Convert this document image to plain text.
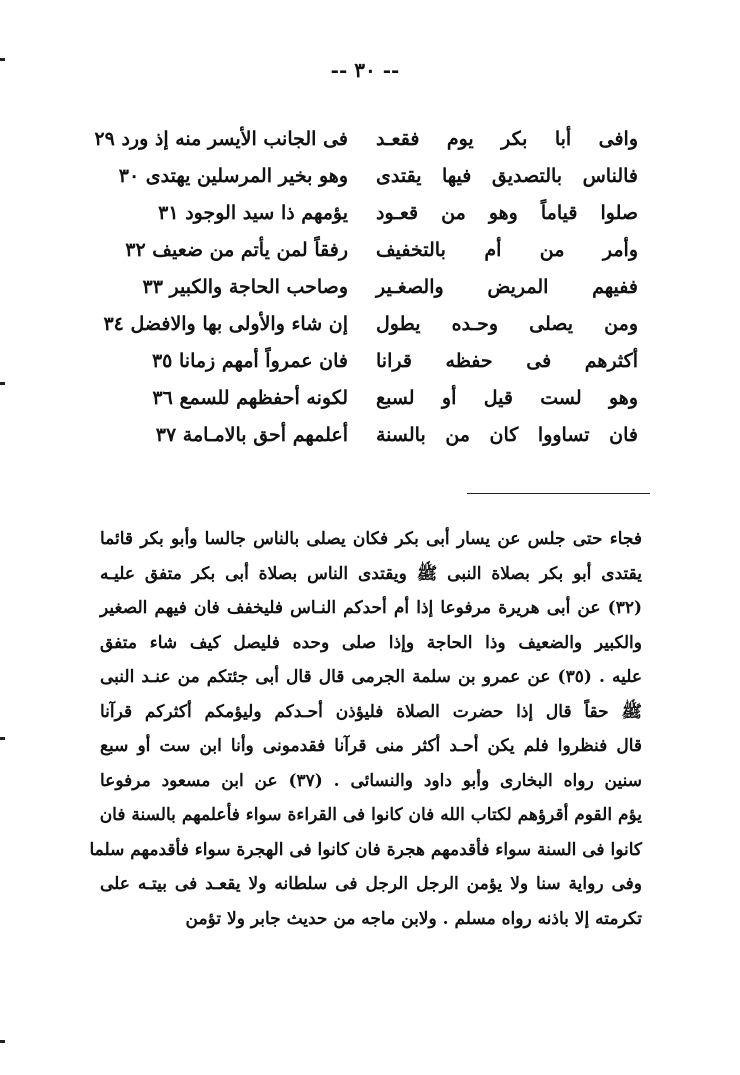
-- ٣٠ --
وافى أبا بكر يوم فقعـد
فى الجانب الأيسر منه إذ ورد ٢٩
فالناس بالتصديق فيها يقتدى
وهو بخير المرسلين يهتدى ٣٠
صلوا قياماً وهو من قعـود
يؤمهم ذا سيد الوجود ٣١
وأمر من أم بالتخفيف
رفقاً لمن يأتم من ضعيف ٣٢
ففيهم المريض والصغـير
وصاحب الحاجة والكبير ٣٣
ومن يصلى وحـده يطول
إن شاء والأولى بها والافضل ٣٤
أكثرهم فى حفظه قرانا
فان عمرواً أمهم زمانا ٣٥
وهو لست قيل أو لسبع
لكونه أحفظهم للسمع ٣٦
فان تساووا كان من بالسنة
أعلمهم أحق بالامـامة ٣٧
فجاء حتى جلس عن يسار أبى بكر فكان يصلى بالناس جالسا وأبو بكر قائما
يقتدى أبو بكر بصلاة النبى ﷺ ويقتدى الناس بصلاة أبى بكر متفق عليـه
(٣٢) عن أبى هريرة مرفوعا إذا أم أحدكم النـاس فليخفف فان فيهم الصغير
والكبير والضعيف وذا الحاجة وإذا صلى وحده فليصل كيف شاء متفق
عليه . (٣٥) عن عمرو بن سلمة الجرمى قال قال أبى جئتكم من عنـد النبى
ﷺ حقاً قال إذا حضرت الصلاة فليؤذن أحـدكم وليؤمكم أكثركم قرآنا
قال فنظروا فلم يكن أحـد أكثر منى قرآنا فقدمونى وأنا ابن ست أو سبع
سنين رواه البخارى وأبو داود والنسائى . (٣٧) عن ابن مسعود مرفوعا
يؤم القوم أقرؤهم لكتاب الله فان كانوا فى القراءة سواء فأعلمهم بالسنة فان
كانوا فى السنة سواء فأقدمهم هجرة فان كانوا فى الهجرة سواء فأقدمهم سلما
وفى رواية سنا ولا يؤمن الرجل الرجل فى سلطانه ولا يقعـد فى بيتـه على
تكرمته إلا باذنه رواه مسلم . ولابن ماجه من حديث جابر ولا تؤمن
